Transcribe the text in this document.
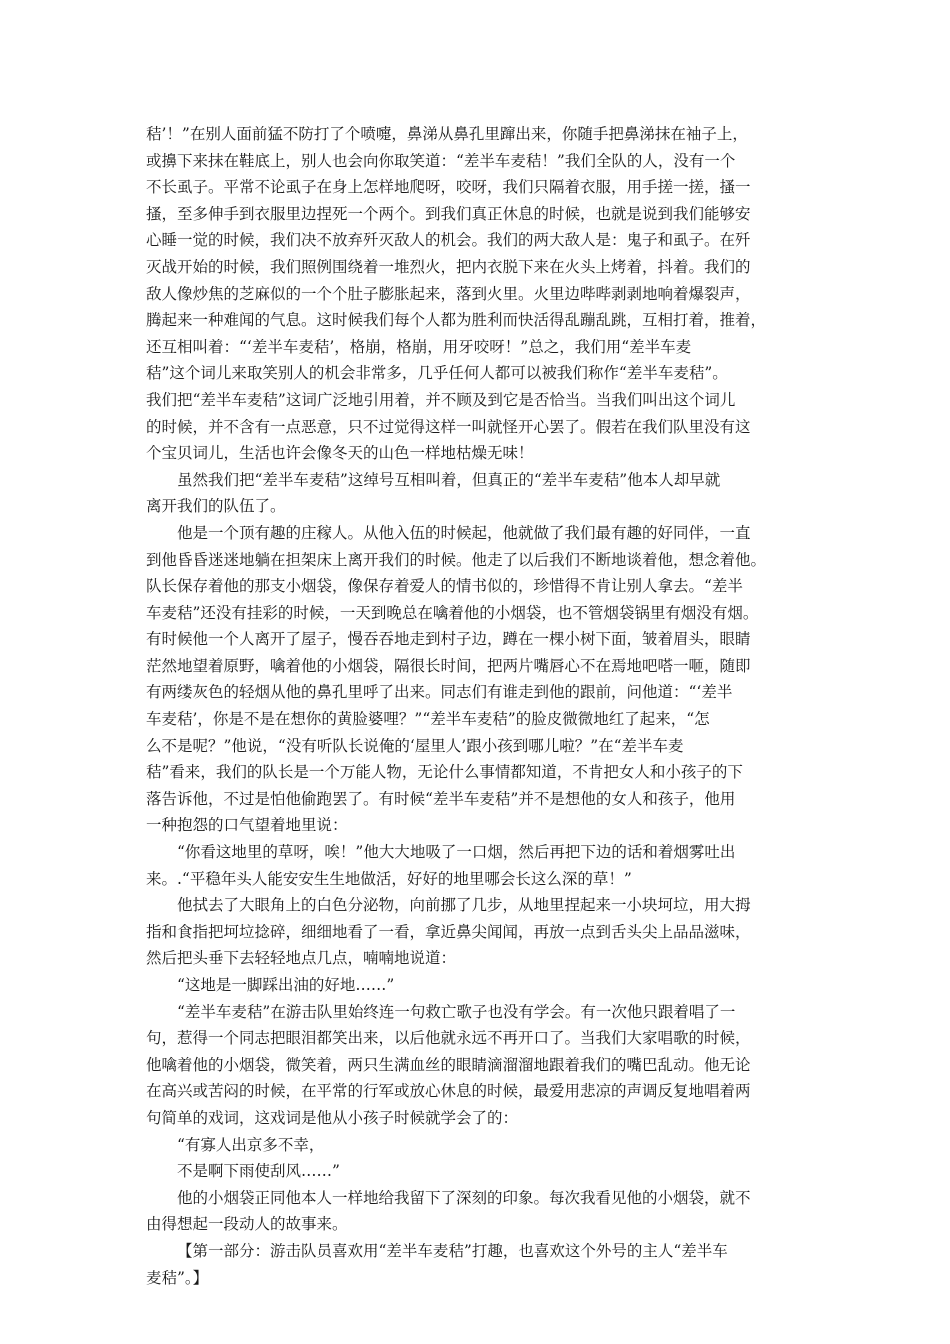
秸’！”在别人面前猛不防打了个喷嚏，鼻涕从鼻孔里蹿出来，你随手把鼻涕抹在袖子上，
或擤下来抹在鞋底上，别人也会向你取笑道：“差半车麦秸！”我们全队的人，没有一个
不长虱子。平常不论虱子在身上怎样地爬呀，咬呀，我们只隔着衣服，用手搓一搓，搔一
搔，至多伸手到衣服里边捏死一个两个。到我们真正休息的时候，也就是说到我们能够安
心睡一觉的时候，我们决不放弃歼灭敌人的机会。我们的两大敌人是：鬼子和虱子。在歼
灭战开始的时候，我们照例围绕着一堆烈火，把内衣脱下来在火头上烤着，抖着。我们的
敌人像炒焦的芝麻似的一个个肚子膨胀起来，落到火里。火里边哔哔剥剥地响着爆裂声，
腾起来一种难闻的气息。这时候我们每个人都为胜利而快活得乱蹦乱跳，互相打着，推着，
还互相叫着：“‘差半车麦秸’，格崩，格崩，用牙咬呀！”总之，我们用“差半车麦
秸”这个词儿来取笑别人的机会非常多，几乎任何人都可以被我们称作“差半车麦秸”。
我们把“差半车麦秸”这词广泛地引用着，并不顾及到它是否恰当。当我们叫出这个词儿
的时候，并不含有一点恶意，只不过觉得这样一叫就怪开心罢了。假若在我们队里没有这
个宝贝词儿，生活也许会像冬天的山色一样地枯燥无味！
虽然我们把“差半车麦秸”这绰号互相叫着，但真正的“差半车麦秸”他本人却早就
离开我们的队伍了。
他是一个顶有趣的庄稼人。从他入伍的时候起，他就做了我们最有趣的好同伴，一直
到他昏昏迷迷地躺在担架床上离开我们的时候。他走了以后我们不断地谈着他，想念着他。
队长保存着他的那支小烟袋，像保存着爱人的情书似的，珍惜得不肯让别人拿去。“差半
车麦秸”还没有挂彩的时候，一天到晚总在噙着他的小烟袋，也不管烟袋锅里有烟没有烟。
有时候他一个人离开了屋子，慢吞吞地走到村子边，蹲在一棵小树下面，皱着眉头，眼睛
茫然地望着原野，噙着他的小烟袋，隔很长时间，把两片嘴唇心不在焉地吧嗒一咂，随即
有两缕灰色的轻烟从他的鼻孔里呼了出来。同志们有谁走到他的跟前，问他道：“‘差半
车麦秸’，你是不是在想你的黄脸婆哩？”“差半车麦秸”的脸皮微微地红了起来，“怎
么不是呢？”他说，“没有听队长说俺的‘屋里人’跟小孩到哪儿啦？”在“差半车麦
秸”看来，我们的队长是一个万能人物，无论什么事情都知道，不肯把女人和小孩子的下
落告诉他，不过是怕他偷跑罢了。有时候“差半车麦秸”并不是想他的女人和孩子，他用
一种抱怨的口气望着地里说：
“你看这地里的草呀，唉！”他大大地吸了一口烟，然后再把下边的话和着烟雾吐出
来。.“平稳年头人能安安生生地做活，好好的地里哪会长这么深的草！”
他拭去了大眼角上的白色分泌物，向前挪了几步，从地里捏起来一小块坷垃，用大拇
指和食指把坷垃捻碎，细细地看了一看，拿近鼻尖闻闻，再放一点到舌头尖上品品滋味，
然后把头垂下去轻轻地点几点，喃喃地说道：
“这地是一脚踩出油的好地……”
“差半车麦秸”在游击队里始终连一句救亡歌子也没有学会。有一次他只跟着唱了一
句，惹得一个同志把眼泪都笑出来，以后他就永远不再开口了。当我们大家唱歌的时候，
他噙着他的小烟袋，微笑着，两只生满血丝的眼睛滴溜溜地跟着我们的嘴巴乱动。他无论
在高兴或苦闷的时候，在平常的行军或放心休息的时候，最爱用悲凉的声调反复地唱着两
句简单的戏词，这戏词是他从小孩子时候就学会了的：
“有寡人出京多不幸，
不是啊下雨使刮风……”
他的小烟袋正同他本人一样地给我留下了深刻的印象。每次我看见他的小烟袋，就不
由得想起一段动人的故事来。
【第一部分：游击队员喜欢用“差半车麦秸”打趣，也喜欢这个外号的主人“差半车
麦秸”。】
